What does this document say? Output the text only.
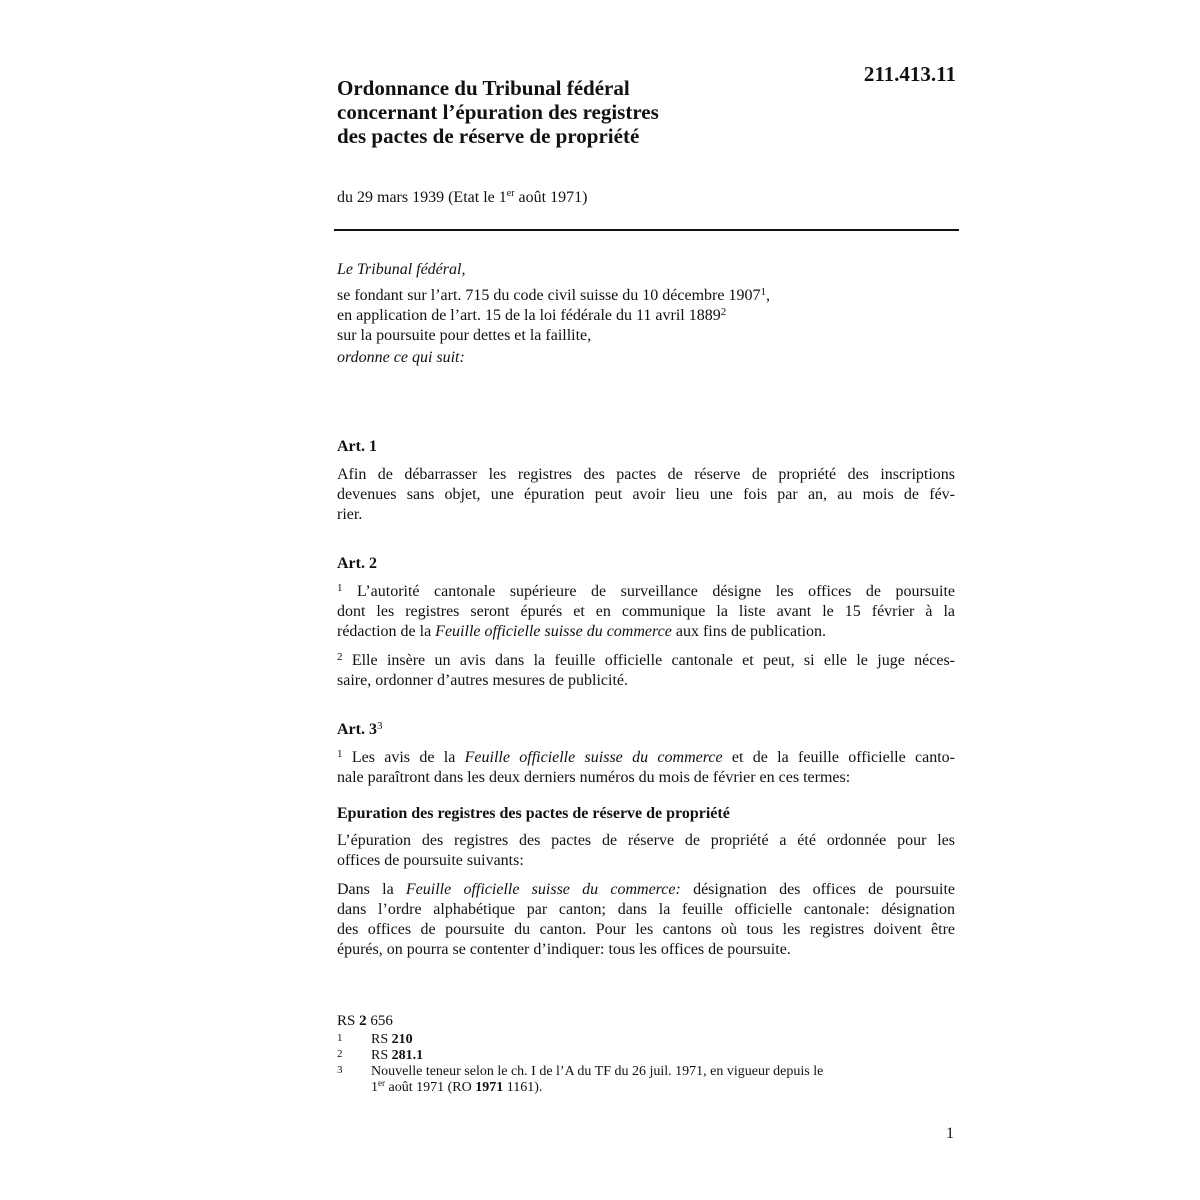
211.413.11
Ordonnance du Tribunal fédéral
concernant l’épuration des registres
des pactes de réserve de propriété
du 29 mars 1939 (Etat le 1er août 1971)
Le Tribunal fédéral,
se fondant sur l’art. 715 du code civil suisse du 10 décembre 1907$^1$,
en application de l’art. 15 de la loi fédérale du 11 avril 1889$^2$
sur la poursuite pour dettes et la faillite,
ordonne ce qui suit:
Art. 1
Afin de débarrasser les registres des pactes de réserve de propriété des inscriptions
devenues sans objet, une épuration peut avoir lieu une fois par an, au mois de fév-
rier.
Art. 2
$^1$ L’autorité cantonale supérieure de surveillance désigne les offices de poursuite
dont les registres seront épurés et en communique la liste avant le 15 février à la
rédaction de la Feuille officielle suisse du commerce aux fins de publication.
$^2$ Elle insère un avis dans la feuille officielle cantonale et peut, si elle le juge néces-
saire, ordonner d’autres mesures de publicité.
Art. 3$^3$
$^1$ Les avis de la Feuille officielle suisse du commerce et de la feuille officielle canto-
nale paraîtront dans les deux derniers numéros du mois de février en ces termes:
Epuration des registres des pactes de réserve de propriété
L’épuration des registres des pactes de réserve de propriété a été ordonnée pour les
offices de poursuite suivants:
Dans la Feuille officielle suisse du commerce: désignation des offices de poursuite
dans l’ordre alphabétique par canton; dans la feuille officielle cantonale: désignation
des offices de poursuite du canton. Pour les cantons où tous les registres doivent être
épurés, on pourra se contenter d’indiquer: tous les offices de poursuite.
RS 2 656
1 RS 210
2 RS 281.1
3 Nouvelle teneur selon le ch. I de l’A du TF du 26 juil. 1971, en vigueur depuis le
1er août 1971 (RO 1971 1161).
1
